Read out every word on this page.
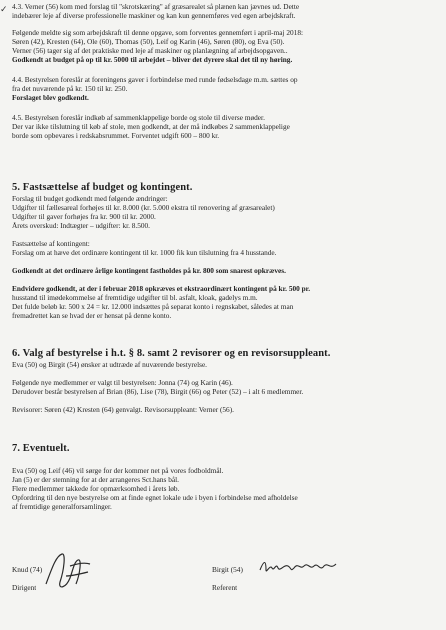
✓ 4.3. Verner (56) kom med forslag til "skrotskæring" af græsarealet så plænen kan jævnes ud. Dette
indebærer leje af diverse professionelle maskiner og kan kun gennemføres ved egen arbejdskraft.
Følgende meldte sig som arbejdskraft til denne opgave, som forventes gennemført i april-maj 2018:
Søren (42), Kresten (64), Ole (60), Thomas (50), Leif og Karin (46), Søren (80), og Eva (50).
Verner (56) tager sig af det praktiske med leje af maskiner og planlægning af arbejdsopgaven..
Godkendt at budget på op til kr. 5000 til arbejdet – bliver det dyrere skal det til ny høring.
4.4. Bestyrelsen foreslår at foreningens gaver i forbindelse med runde fødselsdage m.m. sættes op
fra det nuværende på kr. 150 til kr. 250.
Forslaget blev godkendt.
4.5. Bestyrelsen foreslår indkøb af sammenklappelige borde og stole til diverse møder.
Der var ikke tilslutning til køb af stole, men godkendt, at der må indkøbes 2 sammenklappelige
borde som opbevares i redskabsrummet. Forventet udgift 600 – 800 kr.
5. Fastsættelse af budget og kontingent.
Forslag til budget godkendt med følgende ændringer:
Udgifter til fællesareal forhøjes til kr. 8.000 (kr. 5.000 ekstra til renovering af græsarealet)
Udgifter til gaver forhøjes fra kr. 900 til kr. 2000.
Årets overskud: Indtægter – udgifter: kr. 8.500.
Fastsættelse af kontingent:
Forslag om at hæve det ordinære kontingent til kr. 1000 fik kun tilslutning fra 4 husstande.
Godkendt at det ordinære årlige kontingent fastholdes på kr. 800 som snarest opkræves.
Endvidere godkendt, at der i februar 2018 opkræves et ekstraordinært kontingent på kr. 500 pr.
husstand til imødekommelse af fremtidige udgifter til bl. asfalt, kloak, gadelys m.m.
Det fulde beløb kr. 500 x 24 = kr. 12.000 indsættes på separat konto i regnskabet, således at man
fremadrettet kan se hvad der er hensat på denne konto.
6. Valg af bestyrelse i h.t. § 8. samt 2 revisorer og en revisorsuppleant.
Eva (50) og Birgit (54) ønsker at udtræde af nuværende bestyrelse.
Følgende nye medlemmer er valgt til bestyrelsen: Jonna (74) og Karin (46).
Derudover består bestyrelsen af Brian (86), Lise (78), Birgit (66) og Peter (52) – i alt 6 medlemmer.
Revisorer: Søren (42) Kresten (64) genvalgt. Revisorsuppleant: Verner (56).
7. Eventuelt.
Eva (50) og Leif (46) vil sørge for der kommer net på vores fodboldmål.
Jan (5) er der stemning for at der arrangeres Sct.hans bål.
Flere medlemmer takkede for opmærksomhed i årets løb.
Opfordring til den nye bestyrelse om at finde egnet lokale ude i byen i forbindelse med afholdelse
af fremtidige generalforsamlinger.
Knud (74)
Dirigent
Birgit (54)
Referent
